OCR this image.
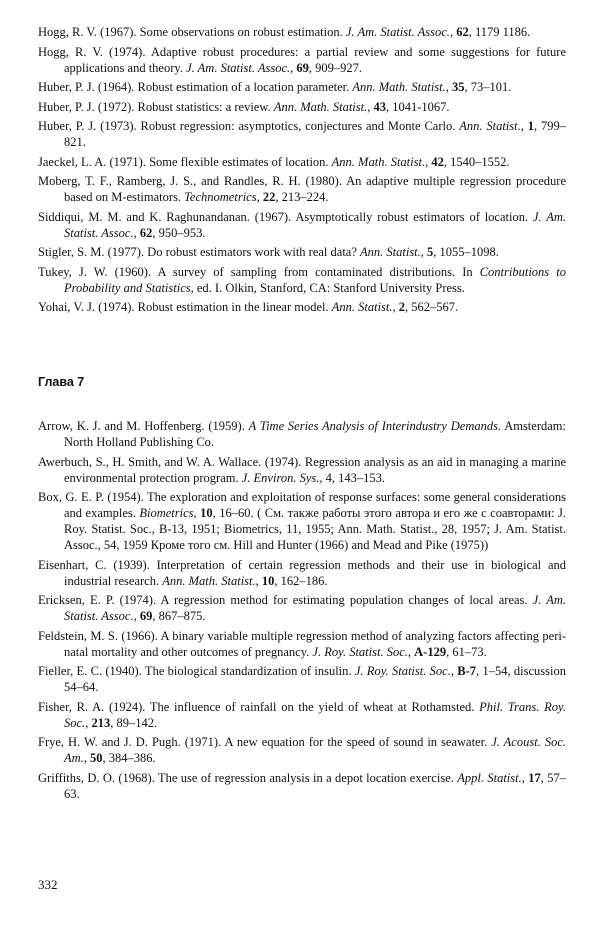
Hogg, R. V. (1967). Some observations on robust estimation. J. Am. Statist. Assoc., 62, 1179 1186.
Hogg, R. V. (1974). Adaptive robust procedures: a partial review and some suggestions for future applications and theory. J. Am. Statist. Assoc., 69, 909–927.
Huber, P. J. (1964). Robust estimation of a location parameter. Ann. Math. Statist., 35, 73–101.
Huber, P. J. (1972). Robust statistics: a review. Ann. Math. Statist., 43, 1041-1067.
Huber, P. J. (1973). Robust regression: asymptotics, conjectures and Monte Carlo. Ann. Statist., 1, 799–821.
Jaeckel, L. A. (1971). Some flexible estimates of location. Ann. Math. Statist., 42, 1540–1552.
Moberg, T. F., Ramberg, J. S., and Randles, R. H. (1980). An adaptive multiple regression procedure based on M-estimators. Technometrics, 22, 213–224.
Siddiqui, M. M. and K. Raghunandanan. (1967). Asymptotically robust estimators of location. J. Am. Statist. Assoc., 62, 950–953.
Stigler, S. M. (1977). Do robust estimators work with real data? Ann. Statist., 5, 1055–1098.
Tukey, J. W. (1960). A survey of sampling from contaminated distributions. In Contributions to Probability and Statistics, ed. I. Olkin, Stanford, CA: Stanford University Press.
Yohai, V. J. (1974). Robust estimation in the linear model. Ann. Statist., 2, 562–567.
Глава 7
Arrow, K. J. and M. Hoffenberg. (1959). A Time Series Analysis of Interindustry Demands. Amsterdam: North Holland Publishing Co.
Awerbuch, S., H. Smith, and W. A. Wallace. (1974). Regression analysis as an aid in managing a marine environmental protection program. J. Environ. Sys., 4, 143–153.
Box, G. E. P. (1954). The exploration and exploitation of response surfaces: some general considerations and examples. Biometrics, 10, 16–60. ( См. также работы этого автора и его же с соавторами: J. Roy. Statist. Soc., B-13, 1951; Biometrics, 11, 1955; Ann. Math. Statist., 28, 1957; J. Am. Statist. Assoc., 54, 1959 Кроме того см. Hill and Hunter (1966) and Mead and Pike (1975))
Eisenhart, C. (1939). Interpretation of certain regression methods and their use in biological and industrial research. Ann. Math. Statist., 10, 162–186.
Ericksen, E. P. (1974). A regression method for estimating population changes of local areas. J. Am. Statist. Assoc., 69, 867–875.
Feldstein, M. S. (1966). A binary variable multiple regression method of analyzing factors affecting peri-natal mortality and other outcomes of pregnancy. J. Roy. Statist. Soc., A-129, 61–73.
Fieller, E. C. (1940). The biological standardization of insulin. J. Roy. Statist. Soc., B-7, 1–54, discussion 54–64.
Fisher, R. A. (1924). The influence of rainfall on the yield of wheat at Rothamsted. Phil. Trans. Roy. Soc., 213, 89–142.
Frye, H. W. and J. D. Pugh. (1971). A new equation for the speed of sound in seawater. J. Acoust. Soc. Am., 50, 384–386.
Griffiths, D. O. (1968). The use of regression analysis in a depot location exercise. Appl. Statist., 17, 57–63.
332
